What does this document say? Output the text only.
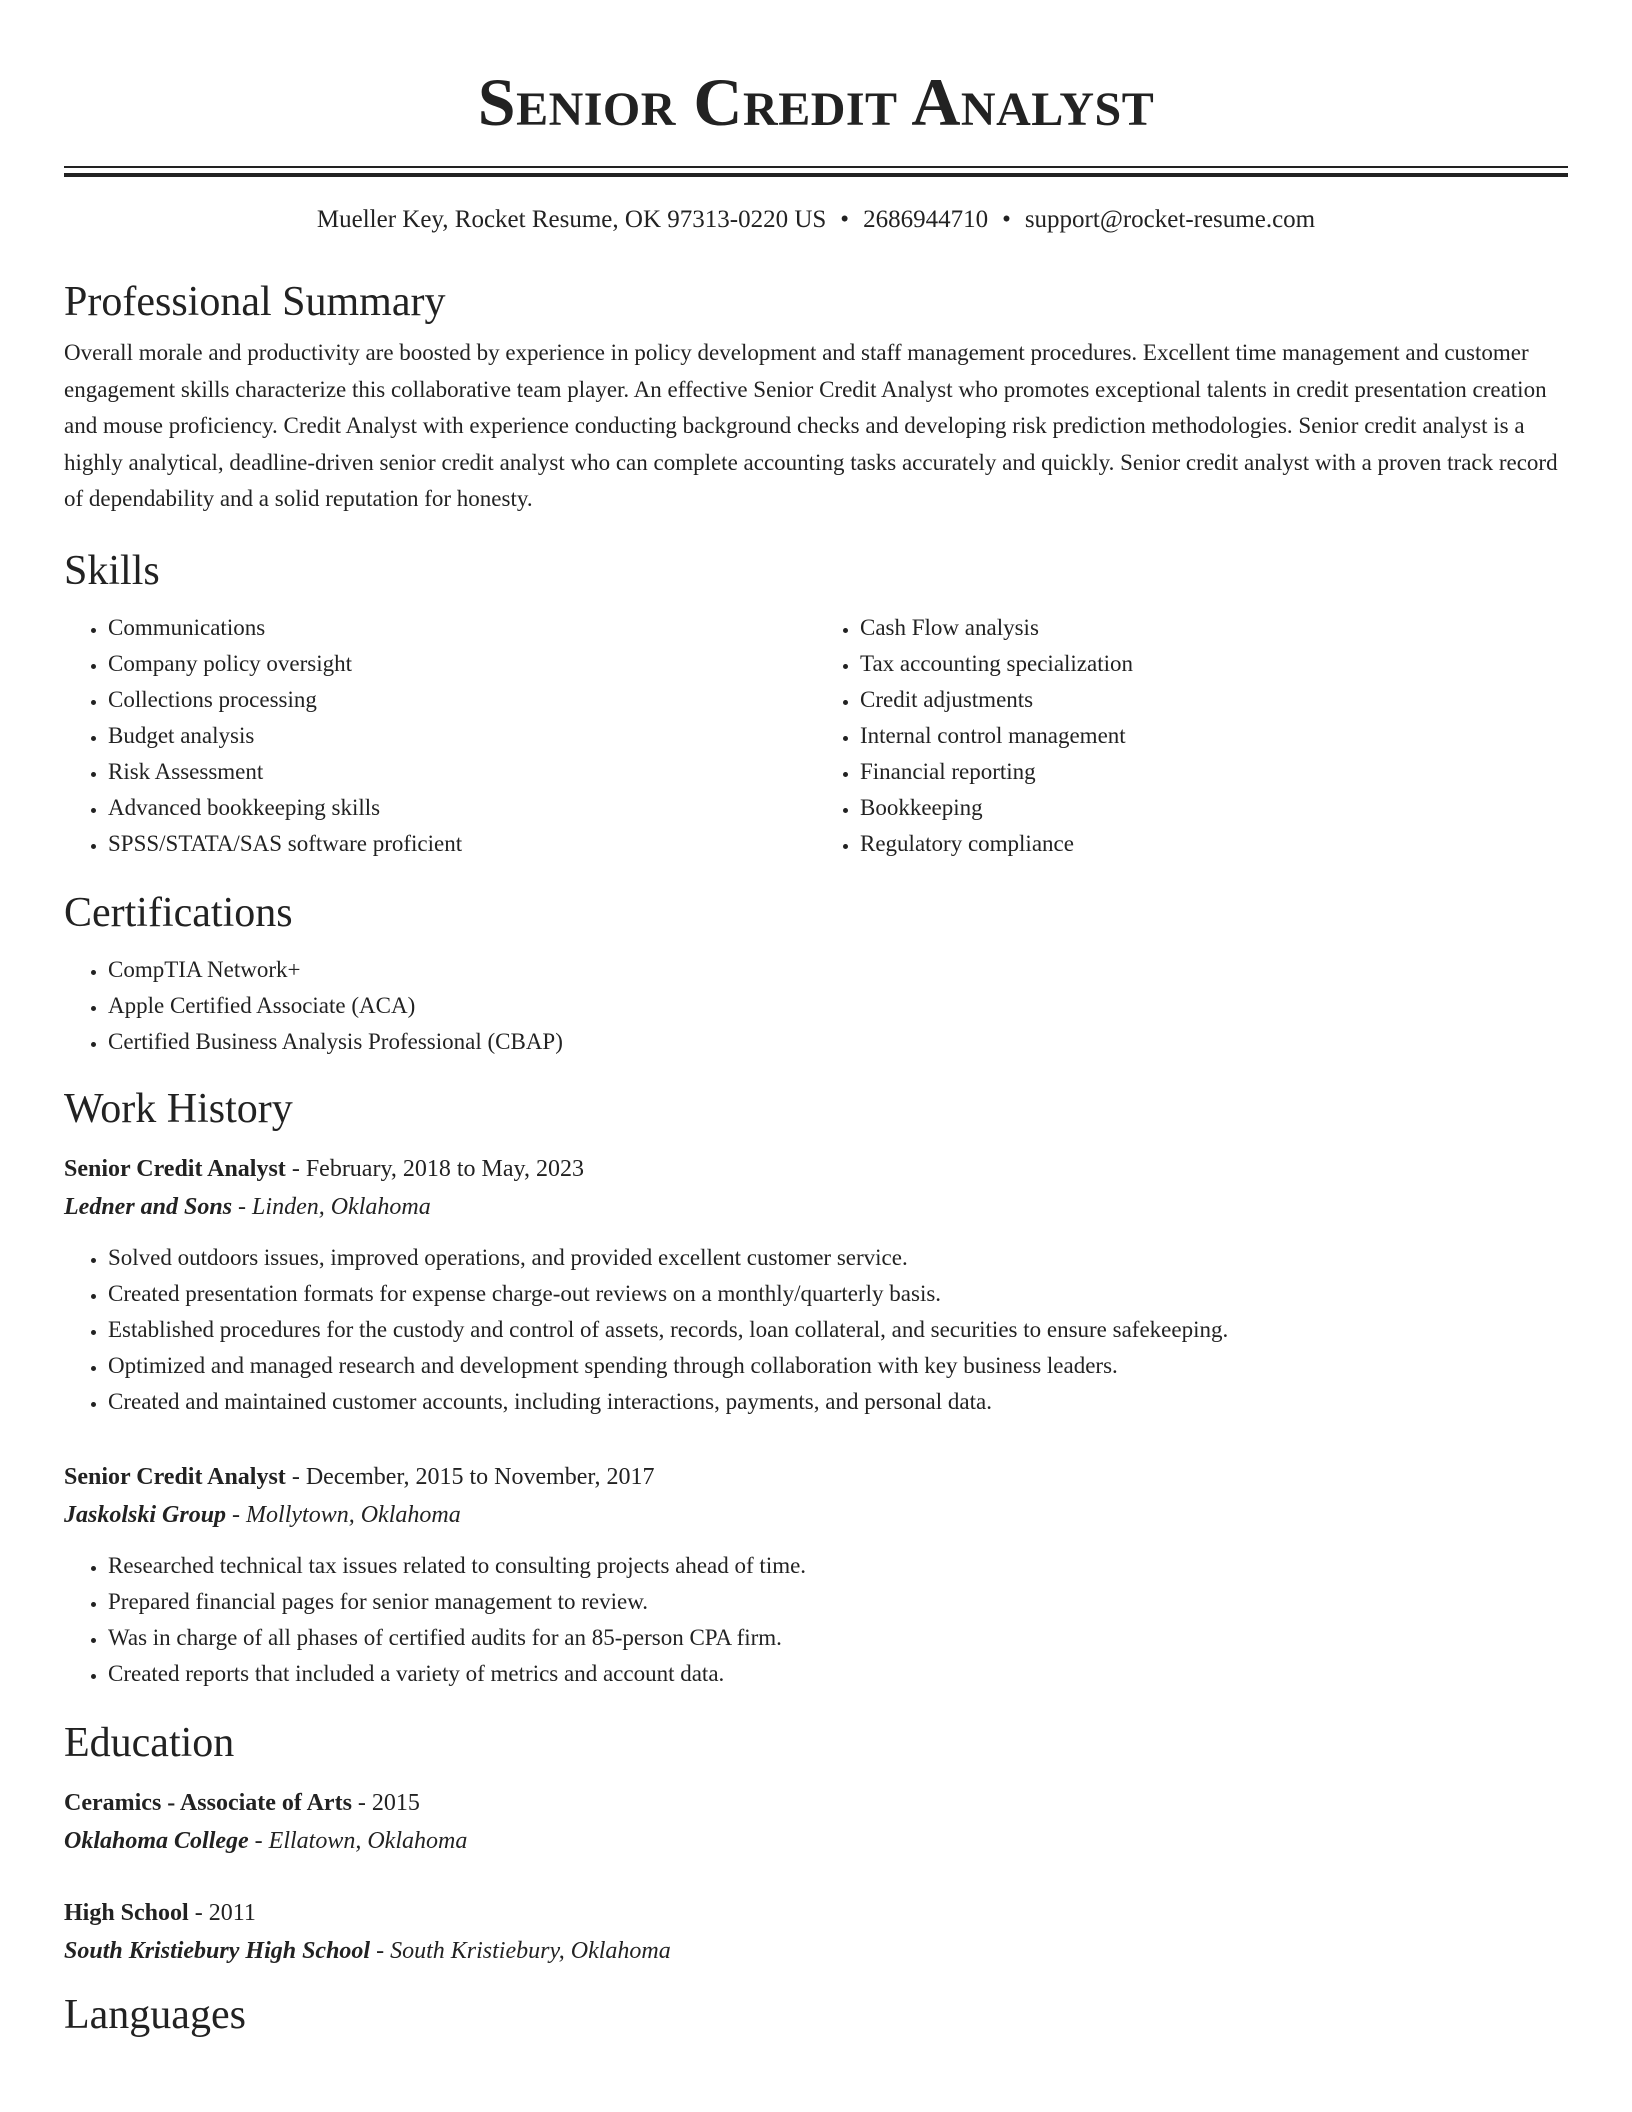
Senior Credit Analyst
Mueller Key, Rocket Resume, OK 97313-0220 US • 2686944710 • support@rocket-resume.com
Professional Summary

Overall morale and productivity are boosted by experience in policy development and staff management procedures. Excellent time management and customer engagement skills characterize this collaborative team player. An effective Senior Credit Analyst who promotes exceptional talents in credit presentation creation and mouse proficiency. Credit Analyst with experience conducting background checks and developing risk prediction methodologies. Senior credit analyst is a highly analytical, deadline-driven senior credit analyst who can complete accounting tasks accurately and quickly. Senior credit analyst with a proven track record of dependability and a solid reputation for honesty.

Skills
• Communications
• Company policy oversight
• Collections processing
• Budget analysis
• Risk Assessment
• Advanced bookkeeping skills
• SPSS/STATA/SAS software proficient
• Cash Flow analysis
• Tax accounting specialization
• Credit adjustments
• Internal control management
• Financial reporting
• Bookkeeping
• Regulatory compliance
Certifications
• CompTIA Network+
• Apple Certified Associate (ACA)
• Certified Business Analysis Professional (CBAP)
Work History
Senior Credit Analyst - February, 2018 to May, 2023
Ledner and Sons - Linden, Oklahoma
• Solved outdoors issues, improved operations, and provided excellent customer service.
• Created presentation formats for expense charge-out reviews on a monthly/quarterly basis.
• Established procedures for the custody and control of assets, records, loan collateral, and securities to ensure safekeeping.
• Optimized and managed research and development spending through collaboration with key business leaders.
• Created and maintained customer accounts, including interactions, payments, and personal data.
Senior Credit Analyst - December, 2015 to November, 2017
Jaskolski Group - Mollytown, Oklahoma
• Researched technical tax issues related to consulting projects ahead of time.
• Prepared financial pages for senior management to review.
• Was in charge of all phases of certified audits for an 85-person CPA firm.
• Created reports that included a variety of metrics and account data.
Education
Ceramics - Associate of Arts - 2015
Oklahoma College - Ellatown, Oklahoma
High School - 2011
South Kristiebury High School - South Kristiebury, Oklahoma
Languages
